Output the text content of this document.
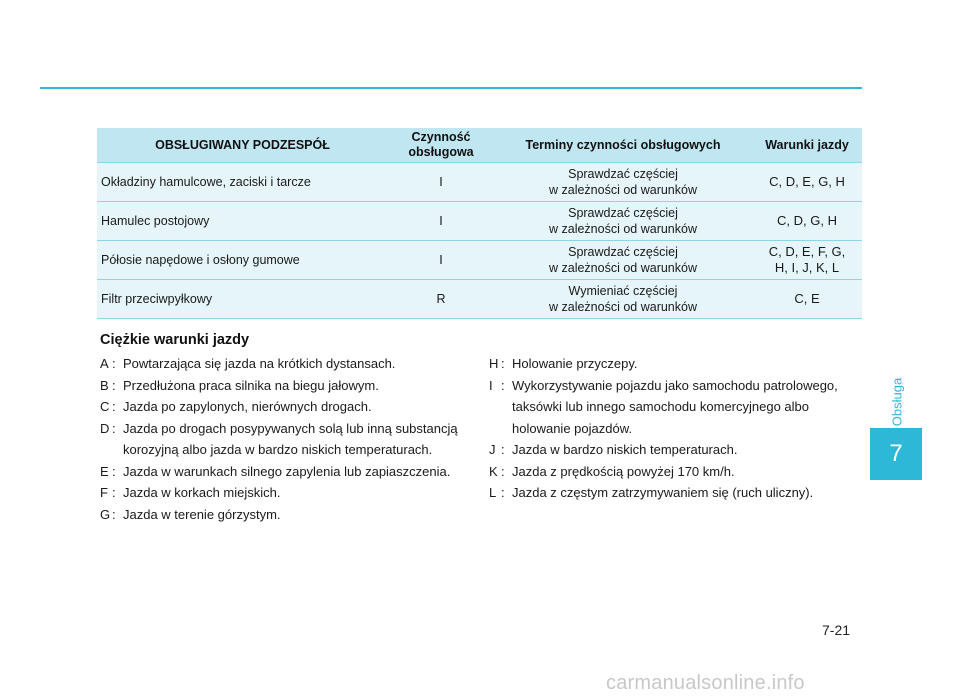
OBSŁUGIWANY PODZESPÓŁ	Czynność
obsługowa	Terminy czynności obsługowych	Warunki jazdy
Okładziny hamulcowe, zaciski i tarcze	I	Sprawdzać częściej
w zależności od warunków	C, D, E, G, H

Hamulec postojowy	I	Sprawdzać częściej
w zależności od warunków	C, D, G, H

Półosie napędowe i osłony gumowe	I	Sprawdzać częściej
w zależności od warunków	C, D, E, F, G,
H, I, J, K, L

Filtr przeciwpyłkowy	R	Wymieniać częściej
w zależności od warunków	C, E
Ciężkie warunki jazdy
A : Powtarzająca się jazda na krótkich dystansach.
B : Przedłużona praca silnika na biegu jałowym.
C : Jazda po zapylonych, nierównych drogach.
D : Jazda po drogach posypywanych solą lub inną substancją korozyjną albo jazda w bardzo niskich temperaturach.
E : Jazda w warunkach silnego zapylenia lub zapiaszczenia.
F : Jazda w korkach miejskich.
G : Jazda w terenie górzystym.
H : Holowanie przyczepy.
I : Wykorzystywanie pojazdu jako samochodu patrolowego, taksówki lub innego samochodu komercyjnego albo holowanie pojazdów.
J : Jazda w bardzo niskich temperaturach.
K : Jazda z prędkością powyżej 170 km/h.
L : Jazda z częstym zatrzymywaniem się (ruch uliczny).
Obsługa
7
7-21
carmanualsonline.info
